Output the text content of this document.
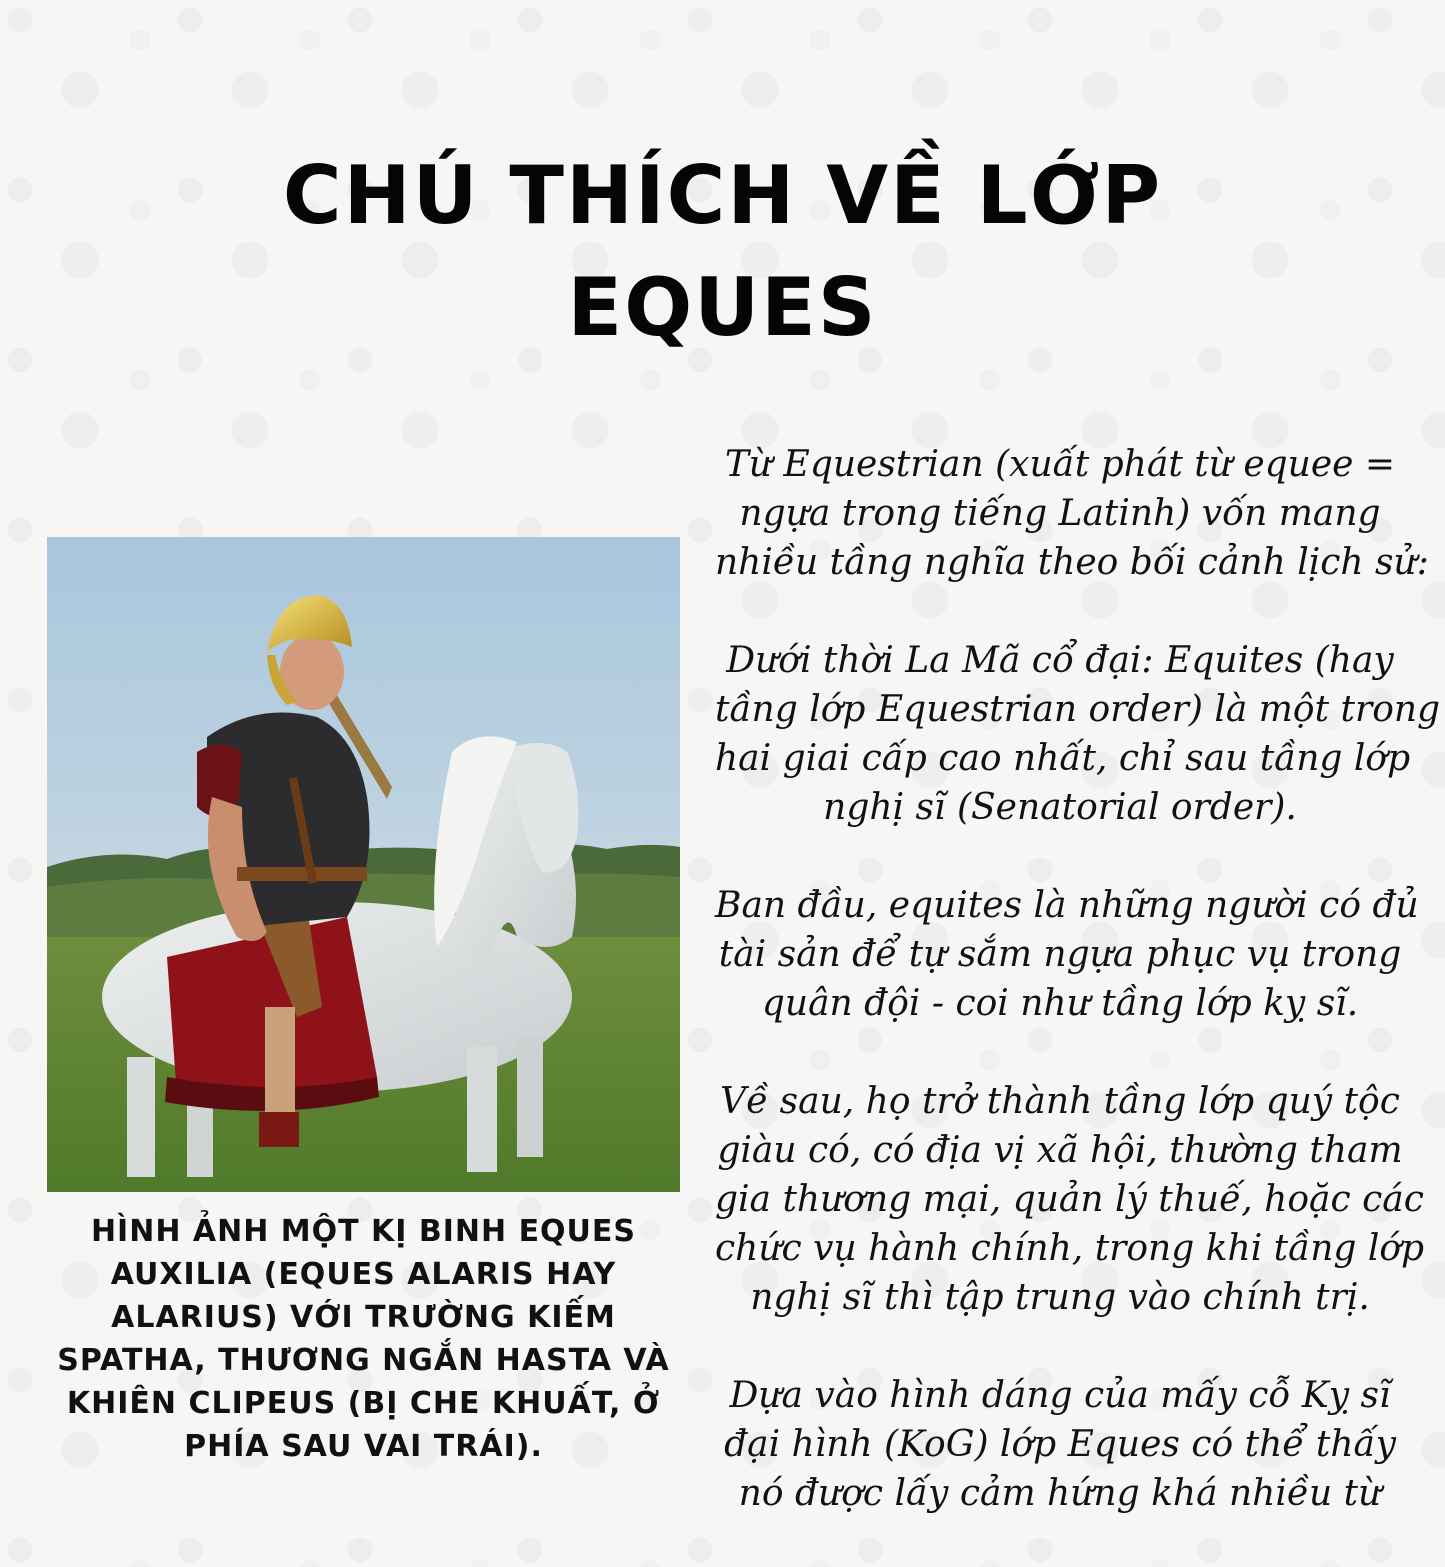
CHÚ THÍCH VỀ LỚP
EQUES
HÌNH ẢNH MỘT KỊ BINH EQUES
AUXILIA (EQUES ALARIS HAY
ALARIUS) VỚI TRƯỜNG KIẾM
SPATHA, THƯƠNG NGẮN HASTA VÀ
KHIÊN CLIPEUS (BỊ CHE KHUẤT, Ở
PHÍA SAU VAI TRÁI).

Từ Equestrian (xuất phát từ equee =
ngựa trong tiếng Latinh) vốn mang
nhiều tầng nghĩa theo bối cảnh lịch sử:

Dưới thời La Mã cổ đại: Equites (hay
tầng lớp Equestrian order) là một trong
hai giai cấp cao nhất, chỉ sau tầng lớp
nghị sĩ (Senatorial order).

Ban đầu, equites là những người có đủ
tài sản để tự sắm ngựa phục vụ trong
quân đội - coi như tầng lớp kỵ sĩ.

Về sau, họ trở thành tầng lớp quý tộc
giàu có, có địa vị xã hội, thường tham
gia thương mại, quản lý thuế, hoặc các
chức vụ hành chính, trong khi tầng lớp
nghị sĩ thì tập trung vào chính trị.

Dựa vào hình dáng của mấy cỗ Kỵ sĩ
đại hình (KoG) lớp Eques có thể thấy
nó được lấy cảm hứng khá nhiều từ
